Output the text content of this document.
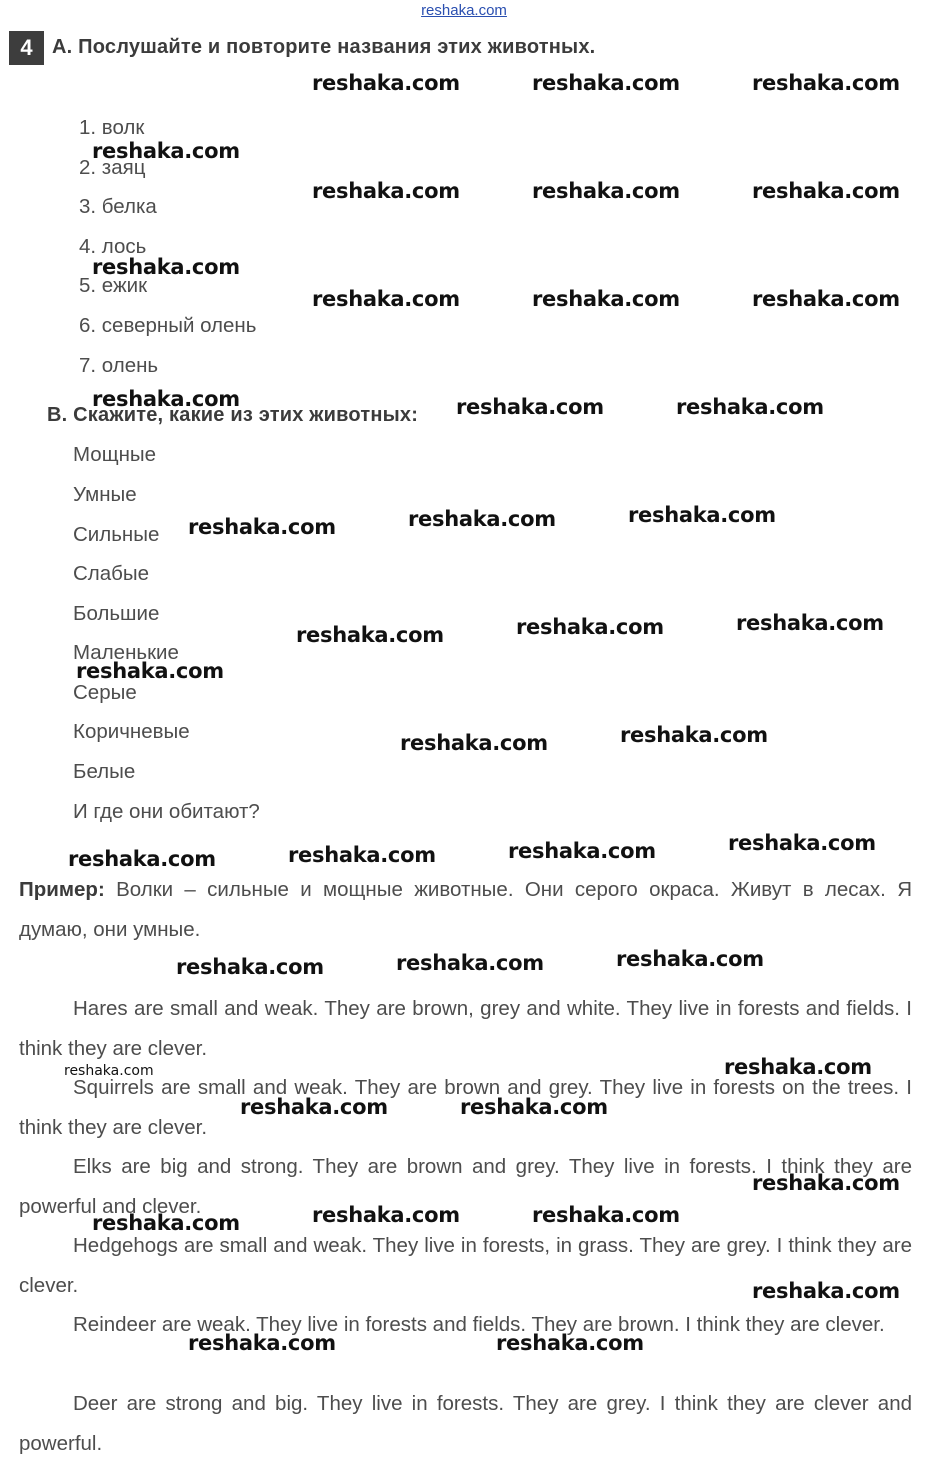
reshaka.com
4 A. Послушайте и повторите названия этих животных.
1. волк
2. заяц
3. белка
4. лось
5. ежик
6. северный олень
7. олень
B. Скажите, какие из этих животных:
Мощные
Умные
Сильные
Слабые
Большие
Маленькие
Серые
Коричневые
Белые
И где они обитают?
Пример: Волки – сильные и мощные животные. Они серого окраса. Живут в лесах. Я думаю, они умные.
Hares are small and weak. They are brown, grey and white. They live in forests and fields. I think they are clever.
Squirrels are small and weak. They are brown and grey. They live in forests on the trees. I think they are clever.
Elks are big and strong. They are brown and grey. They live in forests. I think they are powerful and clever.
Hedgehogs are small and weak. They live in forests, in grass. They are grey. I think they are clever.
Reindeer are weak. They live in forests and fields. They are brown. I think they are clever.
Deer are strong and big. They live in forests. They are grey. I think they are clever and powerful.
reshaka.com	reshaka.com	reshaka.com
reshaka.com
reshaka.com	reshaka.com	reshaka.com
reshaka.com
reshaka.com	reshaka.com	reshaka.com
reshaka.com	reshaka.com	reshaka.com
reshaka.com	reshaka.com	reshaka.com
reshaka.com	reshaka.com	reshaka.com
reshaka.com
reshaka.com	reshaka.com
reshaka.com	reshaka.com	reshaka.com	reshaka.com
reshaka.com	reshaka.com	reshaka.com
reshaka.com	reshaka.com
reshaka.com	reshaka.com
reshaka.com
reshaka.com	reshaka.com	reshaka.com
reshaka.com
reshaka.com	reshaka.com
